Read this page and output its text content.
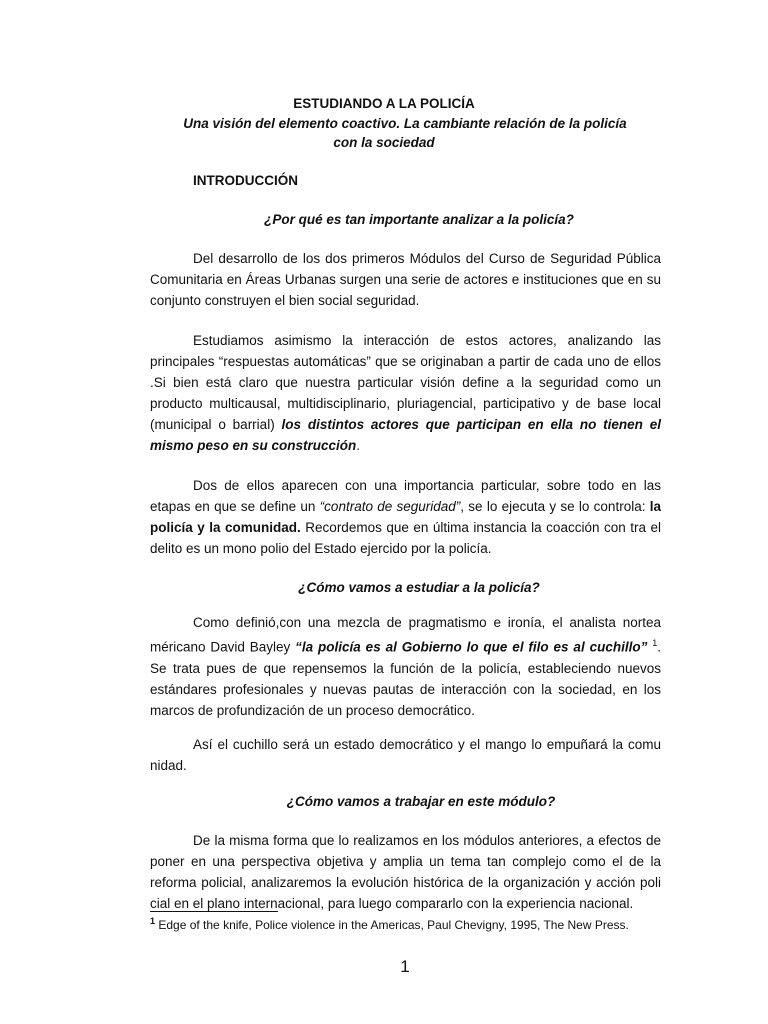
ESTUDIANDO A LA POLICÍA
Una visión del elemento coactivo. La cambiante relación de la policía
con la sociedad
INTRODUCCIÓN
¿Por qué es tan importante analizar a la policía?
Del desarrollo de los dos primeros Módulos del Curso de Seguridad Pública Comunitaria en Áreas Urbanas surgen una serie de actores e instituciones que en su conjunto construyen el bien social seguridad.
Estudiamos asimismo la interacción de estos actores, analizando las principales “respuestas automáticas” que se originaban a partir de cada uno de ellos .Si bien está claro que nuestra particular visión define a la seguridad como un producto multicausal, multidisciplinario, pluriagencial, participativo y de base local (municipal o barrial) los distintos actores que participan en ella no tienen el mismo peso en su construcción.
Dos de ellos aparecen con una importancia particular, sobre todo en las etapas en que se define un “contrato de seguridad”, se lo ejecuta y se lo controla: la policía y la comunidad. Recordemos que en última instancia la coacción con tra el delito es un mono polio del Estado ejercido por la policía.
¿Cómo vamos a estudiar a la policía?
Como definió,con una mezcla de pragmatismo e ironía, el analista nortea méricano David Bayley “la policía es al Gobierno lo que el filo es al cuchillo” $^1$. Se trata pues de que repensemos la función de la policía, estableciendo nuevos estándares profesionales y nuevas pautas de interacción con la sociedad, en los marcos de profundización de un proceso democrático.
Así el cuchillo será un estado democrático y el mango lo empuñará la comu nidad.
¿Cómo vamos a trabajar en este módulo?
De la misma forma que lo realizamos en los módulos anteriores, a efectos de poner en una perspectiva objetiva y amplia un tema tan complejo como el de la reforma policial, analizaremos la evolución histórica de la organización y acción poli cial en el plano internacional, para luego compararlo con la experiencia nacional.
$^1$ Edge of the knife, Police violence in the Americas, Paul Chevigny, 1995, The New Press.
1
